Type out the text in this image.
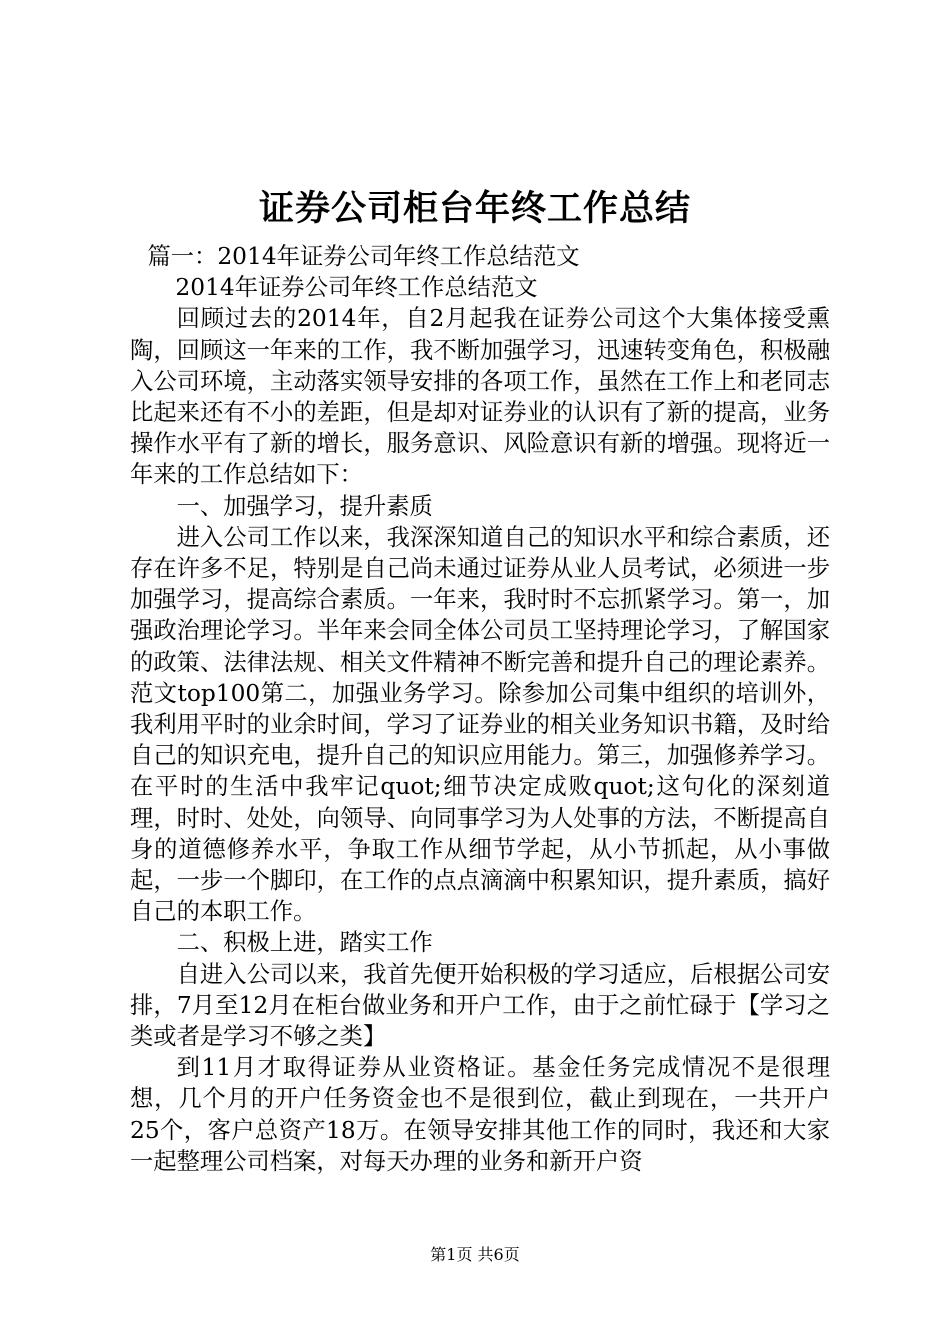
证券公司柜台年终工作总结

篇一：2014年证券公司年终工作总结范文

2014年证券公司年终工作总结范文

回顾过去的2014年，自2月起我在证券公司这个大集体接受熏陶，回顾这一年来的工作，我不断加强学习，迅速转变角色，积极融入公司环境，主动落实领导安排的各项工作，虽然在工作上和老同志比起来还有不小的差距，但是却对证券业的认识有了新的提高，业务操作水平有了新的增长，服务意识、风险意识有新的增强。现将近一年来的工作总结如下：

一、加强学习，提升素质

进入公司工作以来，我深深知道自己的知识水平和综合素质，还存在许多不足，特别是自己尚未通过证券从业人员考试，必须进一步加强学习，提高综合素质。一年来，我时时不忘抓紧学习。第一，加强政治理论学习。半年来会同全体公司员工坚持理论学习，了解国家的政策、法律法规、相关文件精神不断完善和提升自己的理论素养。范文top100第二，加强业务学习。除参加公司集中组织的培训外，我利用平时的业余时间，学习了证券业的相关业务知识书籍，及时给自己的知识充电，提升自己的知识应用能力。第三，加强修养学习。在平时的生活中我牢记quot;细节决定成败quot;这句化的深刻道理，时时、处处，向领导、向同事学习为人处事的方法，不断提高自身的道德修养水平，争取工作从细节学起，从小节抓起，从小事做起，一步一个脚印，在工作的点点滴滴中积累知识，提升素质，搞好自己的本职工作。

二、积极上进，踏实工作

自进入公司以来，我首先便开始积极的学习适应，后根据公司安排，7月至12月在柜台做业务和开户工作，由于之前忙碌于【学习之类或者是学习不够之类】

到11月才取得证券从业资格证。基金任务完成情况不是很理想，几个月的开户任务资金也不是很到位，截止到现在，一共开户25个，客户总资产18万。在领导安排其他工作的同时，我还和大家一起整理公司档案，对每天办理的业务和新开户资

第1页 共6页
